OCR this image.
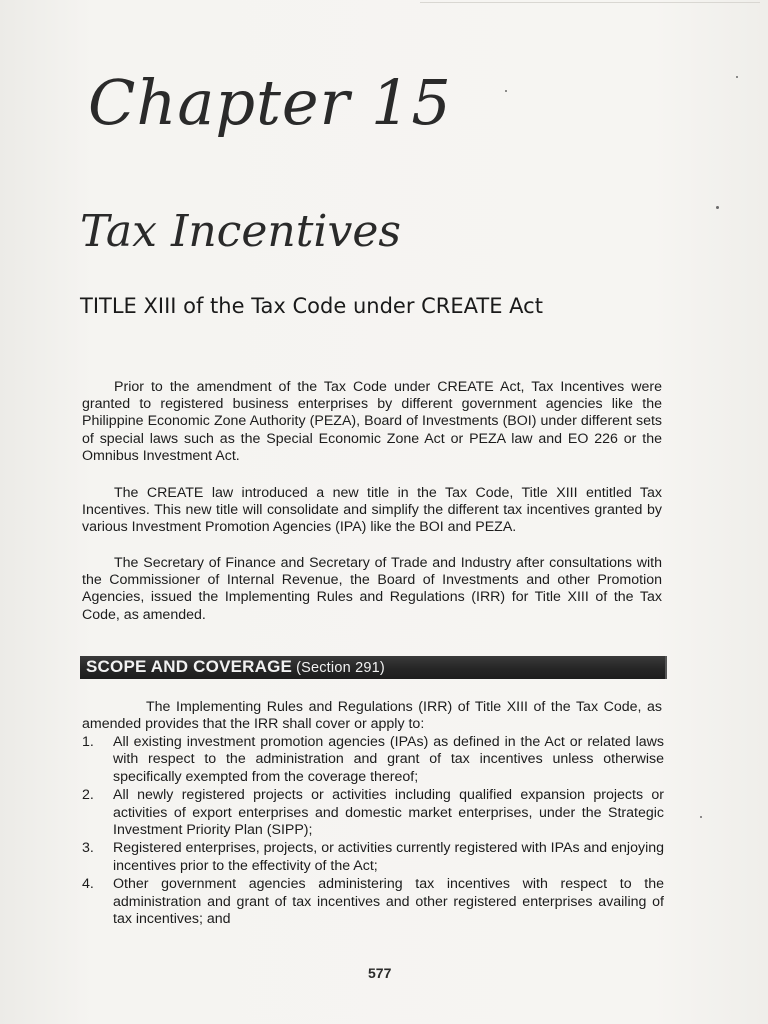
Chapter 15
Tax Incentives
TITLE XIII of the Tax Code under CREATE Act

Prior to the amendment of the Tax Code under CREATE Act, Tax Incentives were granted to registered business enterprises by different government agencies like the Philippine Economic Zone Authority (PEZA), Board of Investments (BOI) under different sets of special laws such as the Special Economic Zone Act or PEZA law and EO 226 or the Omnibus Investment Act.

The CREATE law introduced a new title in the Tax Code, Title XIII entitled Tax Incentives. This new title will consolidate and simplify the different tax incentives granted by various Investment Promotion Agencies (IPA) like the BOI and PEZA.

The Secretary of Finance and Secretary of Trade and Industry after consultations with the Commissioner of Internal Revenue, the Board of Investments and other Promotion Agencies, issued the Implementing Rules and Regulations (IRR) for Title XIII of the Tax Code, as amended.

SCOPE AND COVERAGE (Section 291)

The Implementing Rules and Regulations (IRR) of Title XIII of the Tax Code, as amended provides that the IRR shall cover or apply to:

1.	All existing investment promotion agencies (IPAs) as defined in the Act or related laws with respect to the administration and grant of tax incentives unless otherwise specifically exempted from the coverage thereof;
2.	All newly registered projects or activities including qualified expansion projects or activities of export enterprises and domestic market enterprises, under the Strategic Investment Priority Plan (SIPP);
3.	Registered enterprises, projects, or activities currently registered with IPAs and enjoying incentives prior to the effectivity of the Act;
4.	Other government agencies administering tax incentives with respect to the administration and grant of tax incentives and other registered enterprises availing of tax incentives; and
577
